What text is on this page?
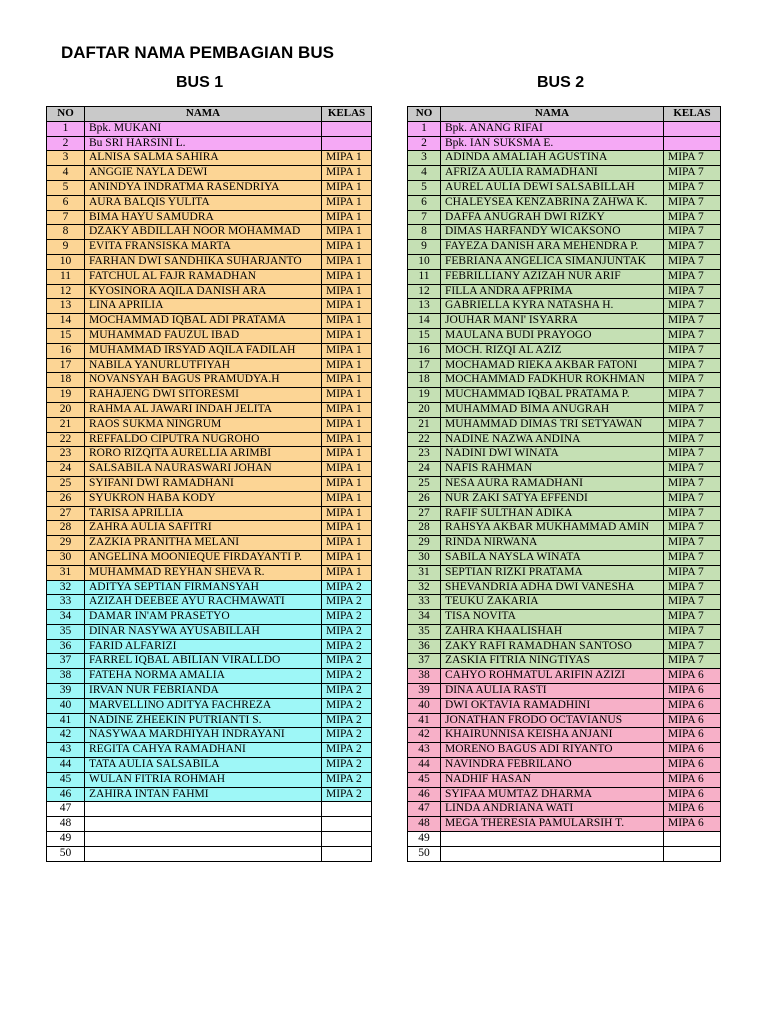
DAFTAR NAMA PEMBAGIAN BUS
BUS 1	BUS 2
NO	NAMA	KELAS
1	Bpk. MUKANI	
2	Bu SRI HARSINI L.	
3	ALNISA SALMA SAHIRA	MIPA 1
4	ANGGIE NAYLA DEWI	MIPA 1
5	ANINDYA INDRATMA RASENDRIYA	MIPA 1
6	AURA BALQIS YULITA	MIPA 1
7	BIMA HAYU SAMUDRA	MIPA 1
8	DZAKY ABDILLAH NOOR MOHAMMAD	MIPA 1
9	EVITA FRANSISKA MARTA	MIPA 1
10	FARHAN DWI SANDHIKA SUHARJANTO	MIPA 1
11	FATCHUL AL FAJR RAMADHAN	MIPA 1
12	KYOSINORA AQILA DANISH ARA	MIPA 1
13	LINA APRILIA	MIPA 1
14	MOCHAMMAD IQBAL ADI PRATAMA	MIPA 1
15	MUHAMMAD FAUZUL IBAD	MIPA 1
16	MUHAMMAD IRSYAD AQILA FADILAH	MIPA 1
17	NABILA YANURLUTFIYAH	MIPA 1
18	NOVANSYAH BAGUS PRAMUDYA.H	MIPA 1
19	RAHAJENG DWI SITORESMI	MIPA 1
20	RAHMA AL JAWARI INDAH JELITA	MIPA 1
21	RAOS SUKMA NINGRUM	MIPA 1
22	REFFALDO CIPUTRA NUGROHO	MIPA 1
23	RORO RIZQITA AURELLIA ARIMBI	MIPA 1
24	SALSABILA NAURASWARI JOHAN	MIPA 1
25	SYIFANI DWI RAMADHANI	MIPA 1
26	SYUKRON HABA KODY	MIPA 1
27	TARISA APRILLIA	MIPA 1
28	ZAHRA AULIA SAFITRI	MIPA 1
29	ZAZKIA PRANITHA MELANI	MIPA 1
30	ANGELINA MOONIEQUE FIRDAYANTI P.	MIPA 1
31	MUHAMMAD REYHAN SHEVA R.	MIPA 1
32	ADITYA SEPTIAN FIRMANSYAH	MIPA 2
33	AZIZAH DEEBEE AYU RACHMAWATI	MIPA 2
34	DAMAR IN'AM PRASETYO	MIPA 2
35	DINAR NASYWA AYUSABILLAH	MIPA 2
36	FARID ALFARIZI	MIPA 2
37	FARREL IQBAL ABILIAN VIRALLDO	MIPA 2
38	FATEHA NORMA AMALIA	MIPA 2
39	IRVAN NUR FEBRIANDA	MIPA 2
40	MARVELLINO ADITYA FACHREZA	MIPA 2
41	NADINE ZHEEKIN PUTRIANTI S.	MIPA 2
42	NASYWAA MARDHIYAH INDRAYANI	MIPA 2
43	REGITA CAHYA RAMADHANI	MIPA 2
44	TATA AULIA SALSABILA	MIPA 2
45	WULAN FITRIA ROHMAH	MIPA 2
46	ZAHIRA INTAN FAHMI	MIPA 2
47		
48		
49		
50		
NO	NAMA	KELAS
1	Bpk. ANANG RIFAI	
2	Bpk. IAN SUKSMA E.	
3	ADINDA AMALIAH AGUSTINA	MIPA 7
4	AFRIZA AULIA RAMADHANI	MIPA 7
5	AUREL AULIA DEWI SALSABILLAH	MIPA 7
6	CHALEYSEA KENZABRINA ZAHWA K.	MIPA 7
7	DAFFA ANUGRAH DWI RIZKY	MIPA 7
8	DIMAS HARFANDY WICAKSONO	MIPA 7
9	FAYEZA DANISH ARA MEHENDRA P.	MIPA 7
10	FEBRIANA ANGELICA SIMANJUNTAK	MIPA 7
11	FEBRILLIANY AZIZAH NUR ARIF	MIPA 7
12	FILLA ANDRA AFPRIMA	MIPA 7
13	GABRIELLA KYRA NATASHA H.	MIPA 7
14	JOUHAR MANI' ISYARRA	MIPA 7
15	MAULANA BUDI PRAYOGO	MIPA 7
16	MOCH. RIZQI AL AZIZ	MIPA 7
17	MOCHAMAD RIEKA AKBAR FATONI	MIPA 7
18	MOCHAMMAD FADKHUR ROKHMAN	MIPA 7
19	MUCHAMMAD IQBAL PRATAMA P.	MIPA 7
20	MUHAMMAD BIMA ANUGRAH	MIPA 7
21	MUHAMMAD DIMAS TRI SETYAWAN	MIPA 7
22	NADINE NAZWA ANDINA	MIPA 7
23	NADINI DWI WINATA	MIPA 7
24	NAFIS RAHMAN	MIPA 7
25	NESA AURA RAMADHANI	MIPA 7
26	NUR ZAKI SATYA EFFENDI	MIPA 7
27	RAFIF SULTHAN ADIKA	MIPA 7
28	RAHSYA AKBAR MUKHAMMAD AMIN	MIPA 7
29	RINDA NIRWANA	MIPA 7
30	SABILA NAYSLA WINATA	MIPA 7
31	SEPTIAN RIZKI PRATAMA	MIPA 7
32	SHEVANDRIA ADHA DWI VANESHA	MIPA 7
33	TEUKU ZAKARIA	MIPA 7
34	TISA NOVITA	MIPA 7
35	ZAHRA KHAALISHAH	MIPA 7
36	ZAKY RAFI RAMADHAN SANTOSO	MIPA 7
37	ZASKIA FITRIA NINGTIYAS	MIPA 7
38	CAHYO ROHMATUL ARIFIN AZIZI	MIPA 6
39	DINA AULIA RASTI	MIPA 6
40	DWI OKTAVIA RAMADHINI	MIPA 6
41	JONATHAN FRODO OCTAVIANUS	MIPA 6
42	KHAIRUNNISA KEISHA ANJANI	MIPA 6
43	MORENO BAGUS ADI RIYANTO	MIPA 6
44	NAVINDRA FEBRILANO	MIPA 6
45	NADHIF HASAN	MIPA 6
46	SYIFAA MUMTAZ DHARMA	MIPA 6
47	LINDA ANDRIANA WATI	MIPA 6
48	MEGA THERESIA PAMULARSIH T.	MIPA 6
49		
50		
